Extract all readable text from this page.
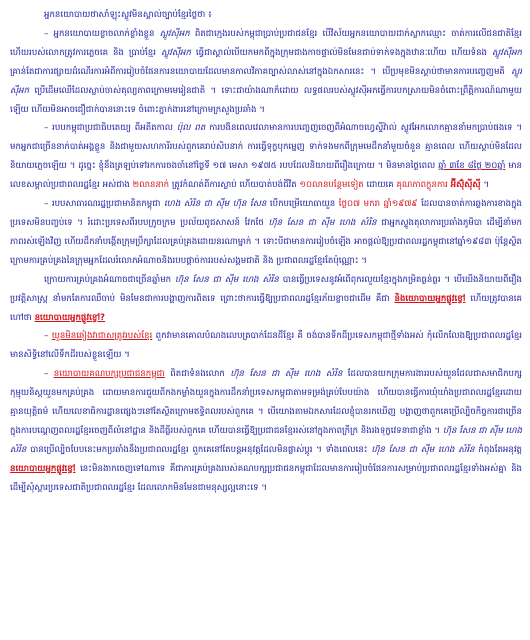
អ្នកនយោបាយថាសាំឡុះស្លូវមិនស្គាល់ច្បាប់ខ្មែរថ្លៃថា ៖

– អ្នកនយោបាយខ្លាចលាក់ខ្លាំងខ្លួន ស្លូវស៊ីអក ពិតជាក្មេងរបស់កម្ពុជាប្រាប់ប្រជាជនខ្មែរ បើវិស័យអ្នកនយោបាយដាក់ស្លាកឈ្មោះ ចាត់ការលើជនជាតិខ្មែរ ហើយរបស់លោកត្រូវការភ្លេចគេ និង ប្រាប់ខ្មែរ ស្លូវស៊ីអក ធ្វើជាស្គាល់បើយកមកពីក្នុងក្រុមជាងកាចផ្ទាល់មិនមែនជាប់ទាក់ទងក្នុងឋានៈហើយ ហើយទំនង ស្លូវស៊ីអក គ្រាន់តែជាការផ្សាយដំណើរការអំពីការរៀបចំផែនការនយោបាយដែលមានកាលវិភាគច្បាស់លាស់នៅក្នុងឯកសារនេះ ។ បើប្រមុខមិនស្ដាប់ថាមានការបញ្ចេញមតិ ស្លូវស៊ីអក ប្រើដើមឈើដែលស្លាប់ចាស់តុល្យភាពក្រោមមេរៀនជាតិ ។ ទោះជាយ៉ាងណាក៏ដោយ លទ្ធផលរបស់ស្លូវស៊ីអកធ្វើការបកស្រាយមិនចំពោះព្រឹត្តិការណ៍ណាមួយឡើយ ហើយមិនអាចជឿជាក់បាននោះទេ ចំពោះភ្នាក់ងារនៅក្រោមក្រសួងប្រឆាំង ។

– របបកម្ពុជាប្រជាធិបតេយ្យ ពីអតីតកាល ប៉ុល ពត ការបងិនពេលវេលាមានការបញ្ចេញចេញពីអំណាចហ្វេស្ទីវ៉ាល់ ស្លូវអែកលោកគ្មាននាំមកប្រាប់ផងទេ ។ មកអ្នកជាច្រើននាក់បាត់អង្គខ្លួន និងជាមួយសហការីរបស់ពួកគេរាប់សិបនាក់ ការធ្វើទុក្ខបុកម្នេញ ទាក់ទងមកពីក្រុមមេដឹកនាំមួយចំនួន គ្មានពេល ហើយស្តាប់មិនដែលនិយាយភ្លេចឡើយ ។ ដូច្នេះ ខ្ញុំនឹងត្រឡប់ទៅរកការចងចាំនៅថ្ងៃទី ១៧ មេសា ១៩៧៥ របបដែលនិយាយពីរឿងក្រោយ ។ មិនមានថ្ងៃពេល ឆ្នាំ ៣ខែ ៨ថ្ងៃ ២០ឆ្នាំ មានលេខសម្គាល់ប្រជាពលរដ្ឋខ្មែរ អស់ជាង ២លាននាក់ ត្រូវកំណត់ពីការស្លាប់ ហើយបាត់បង់ជីវិត ១០លានបន្ថែមទៀត ដោយគេ គុណភាពក្លូនការ អ៊ីស៊ុំស៊ីស៊ី ។

– របបសាធារណរដ្ឋប្រជាមានិតកម្ពុជា ហេង សំរិន ជា ស៊ីម ហ៊ុន សែន បើកបម្រើយោធាយួន ថ្ងៃ០៧ មករា ឆ្នាំ១៩៧៩ ដែលបានចាត់ការឆ្លងការខាងក្នុងប្រទេសមិនបញ្ចប់ទេ ។ រំដោះប្រទេសពីរបបក្រូចក្រម ប្រល័យពូជសាសន៍ វែកថែ ហ៊ុន សែន ជា ស៊ីម ហេង សំរិន ជាអ្នកស្ទូងតុលាការប្រឆាំងភូមិបា ដើម្បីនាំមកភាពរស់ឡើងវិញ ហើយដឹកនាំបង្កើតក្រុមប្រឹក្សាដែលគ្រប់គ្រងដោយនរណាម្នាក់ ។ ទោះបីជាមានការរៀបចំឡើង អាចផ្ដល់ឱ្យប្រជាពលរដ្ឋកម្ពុជានៅឆ្នាំ១៩៨៣ ប៉ុន្តែស្ថិតក្រោមការគ្រប់គ្រងនៃក្រុមអ្នកដែលរំលោភអំណាចនិងរបបផ្ដាច់ការរបស់សង្គមជាតិ និង ប្រជាពលរដ្ឋខ្មែរតែប៉ុណ្ណោះ ។

ក្រោយការគ្រប់គ្រងអំណាចជាច្រើនឆ្នាំមក ហ៊ុន សែន ជា ស៊ីម ហេង សំរិន បានធ្វើប្រទេសនូវអំពើពុករលួយខ្មែរក្នុងកម្រិតធ្ងន់ធ្ងរ ។ បើយើងនិយាយពីរឿងប្រវត្តិសាស្ត្រ នាំមកតែការឈឺចាប់ មិនមែនជាការបង្ហាញការពិតទេ ព្រោះថាការធ្វើឱ្យប្រជាពលរដ្ឋខ្មែរភ័យខ្លាចជាដើម គឺជា និងយោបាយអ្នកផ្លូវខ្វៅ ហើយត្រូវបានគេហៅថា នយោបាយអ្នកផ្លូវខ្វៅ?

– យួនមិនឆៀងវាជាសត្រូវរបស់ខ្មែរ ពួកវាមានគោលបំណងលេបត្របាក់ដែនដីខ្មែរ គឺ ចង់បានទឹកដីប្រទេសកម្ពុជាថ្មីទាំងអស់ កុំលើកលែងឱ្យប្រជាពលរដ្ឋខ្មែរមានសិទ្ធិនៅលើទឹកដីរបស់ខ្លួនឡើយ ។

– នយោបាយគណបក្សប្រជាជនកម្ពុជា ពិតជាទំនងលោក ហ៊ុន សែន ជា ស៊ីម ហេង សំរិន ដែលបានយកក្រុមការងាររបស់យួនដែលជាសមាជិកបក្សកុម្មុយនិស្តយួនមកគ្រប់គ្រង ដោយមានការជួយពីកងកម្លាំងយួនក្នុងការដឹកនាំប្រទេសកម្ពុជាតាមទម្រង់គ្រប់បែបយ៉ាង ហើយបានធ្វើការឃុំឃាំងប្រជាពលរដ្ឋខ្មែរដោយគ្មានយុត្តិធម៌ ហើយលេខាធិការដ្ឋានផ្សេងៗនៅតែស្ថិតក្រោមឥទ្ធិពលរបស់ពួកគេ ។ បើយោងតាមឯកសារដែលខ្ញុំបានរកឃើញ បង្ហាញថាពួកគេប្រើល្បិចកិច្ចការជាច្រើនក្នុងការបណ្ដេញពលរដ្ឋខ្មែរចេញពីលំនៅដ្ឋាន និងដីធ្លីរបស់ពួកគេ ហើយបានធ្វើឱ្យប្រជាជនខ្មែររស់នៅក្នុងភាពក្រីក្រ និងរងទុក្ខវេទនាជាខ្លាំង ។ ហ៊ុន សែន ជា ស៊ីម ហេង សំរិន បានប្រើល្បិចបែបនេះមកប្រឆាំងនឹងប្រជាពលរដ្ឋខ្មែរ ពួកគេនៅតែបន្តអនុវត្តដែលមិនផ្លាស់ប្ដូរ ។ ទាំងពេលនេះ ហ៊ុន សែន ជា ស៊ីម ហេង សំរិន កំពុងតែអនុវត្ត នយោបាយអ្នកផ្លូវខ្វៅ នេះមិនងាកចេញទៅណាទេ គឺជាការគ្រប់គ្រងរបស់គណបក្សប្រជាជនកម្ពុជាដែលមានការរៀបចំផែនការសម្រាប់ប្រជាពលរដ្ឋខ្មែរទាំងអស់គ្នា និង ដើម្បីសុំស្តារប្រទេសជាតិប្រជាពលរដ្ឋខ្មែរ ដែលលោកមិនមែនជាមនុស្សល្អនោះទេ ។
